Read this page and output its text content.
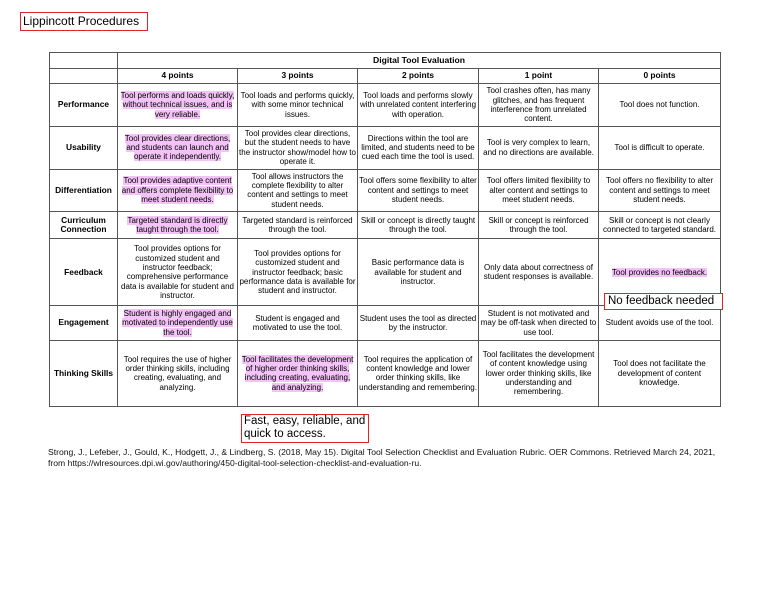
Lippincott Procedures
	Digital Tool Evaluation				
	4 points	3 points	2 points	1 point	0 points
Performance	Tool performs and loads quickly, without technical issues, and is very reliable.	Tool loads and performs quickly, with some minor technical issues.	Tool loads and performs slowly with unrelated content interfering with operation.	Tool crashes often, has many glitches, and has frequent interference from unrelated content.	Tool does not function.
Usability	Tool provides clear directions, and students can launch and operate it independently.	Tool provides clear directions, but the student needs to have the instructor show/model how to operate it.	Directions within the tool are limited, and students need to be cued each time the tool is used.	Tool is very complex to learn, and no directions are available.	Tool is difficult to operate.
Differentiation	Tool provides adaptive content and offers complete flexibility to meet student needs.	Tool allows instructors the complete flexibility to alter content and settings to meet student needs.	Tool offers some flexibility to alter content and settings to meet student needs.	Tool offers limited flexibility to alter content and settings to meet student needs.	Tool offers no flexibility to alter content and settings to meet student needs.
Curriculum Connection	Targeted standard is directly taught through the tool.	Targeted standard is reinforced through the tool.	Skill or concept is directly taught through the tool.	Skill or concept is reinforced through the tool.	Skill or concept is not clearly connected to targeted standard.
Feedback	Tool provides options for customized student and instructor feedback; comprehensive performance data is available for student and instructor.	Tool provides options for customized student and instructor feedback; basic performance data is available for student and instructor.	Basic performance data is available for student and instructor.	Only data about correctness of student responses is available.	Tool provides no feedback.
Engagement	Student is highly engaged and motivated to independently use the tool.	Student is engaged and motivated to use the tool.	Student uses the tool as directed by the instructor.	Student is not motivated and may be off-task when directed to use tool.	Student avoids use of the tool.
Thinking Skills	Tool requires the use of higher order thinking skills, including creating, evaluating, and analyzing.	Tool facilitates the development of higher order thinking skills, including creating, evaluating, and analyzing.	Tool requires the application of content knowledge and lower order thinking skills, like understanding and remembering.	Tool facilitates the development of content knowledge using lower order thinking skills, like understanding and remembering.	Tool does not facilitate the development of content knowledge.
No feedback needed
Fast, easy, reliable, and quick to access.
Strong, J., Lefeber, J., Gould, K., Hodgett, J., & Lindberg, S. (2018, May 15). Digital Tool Selection Checklist and Evaluation Rubric. OER Commons. Retrieved March 24, 2021, from https://wlresources.dpi.wi.gov/authoring/450-digital-tool-selection-checklist-and-evaluation-ru.
